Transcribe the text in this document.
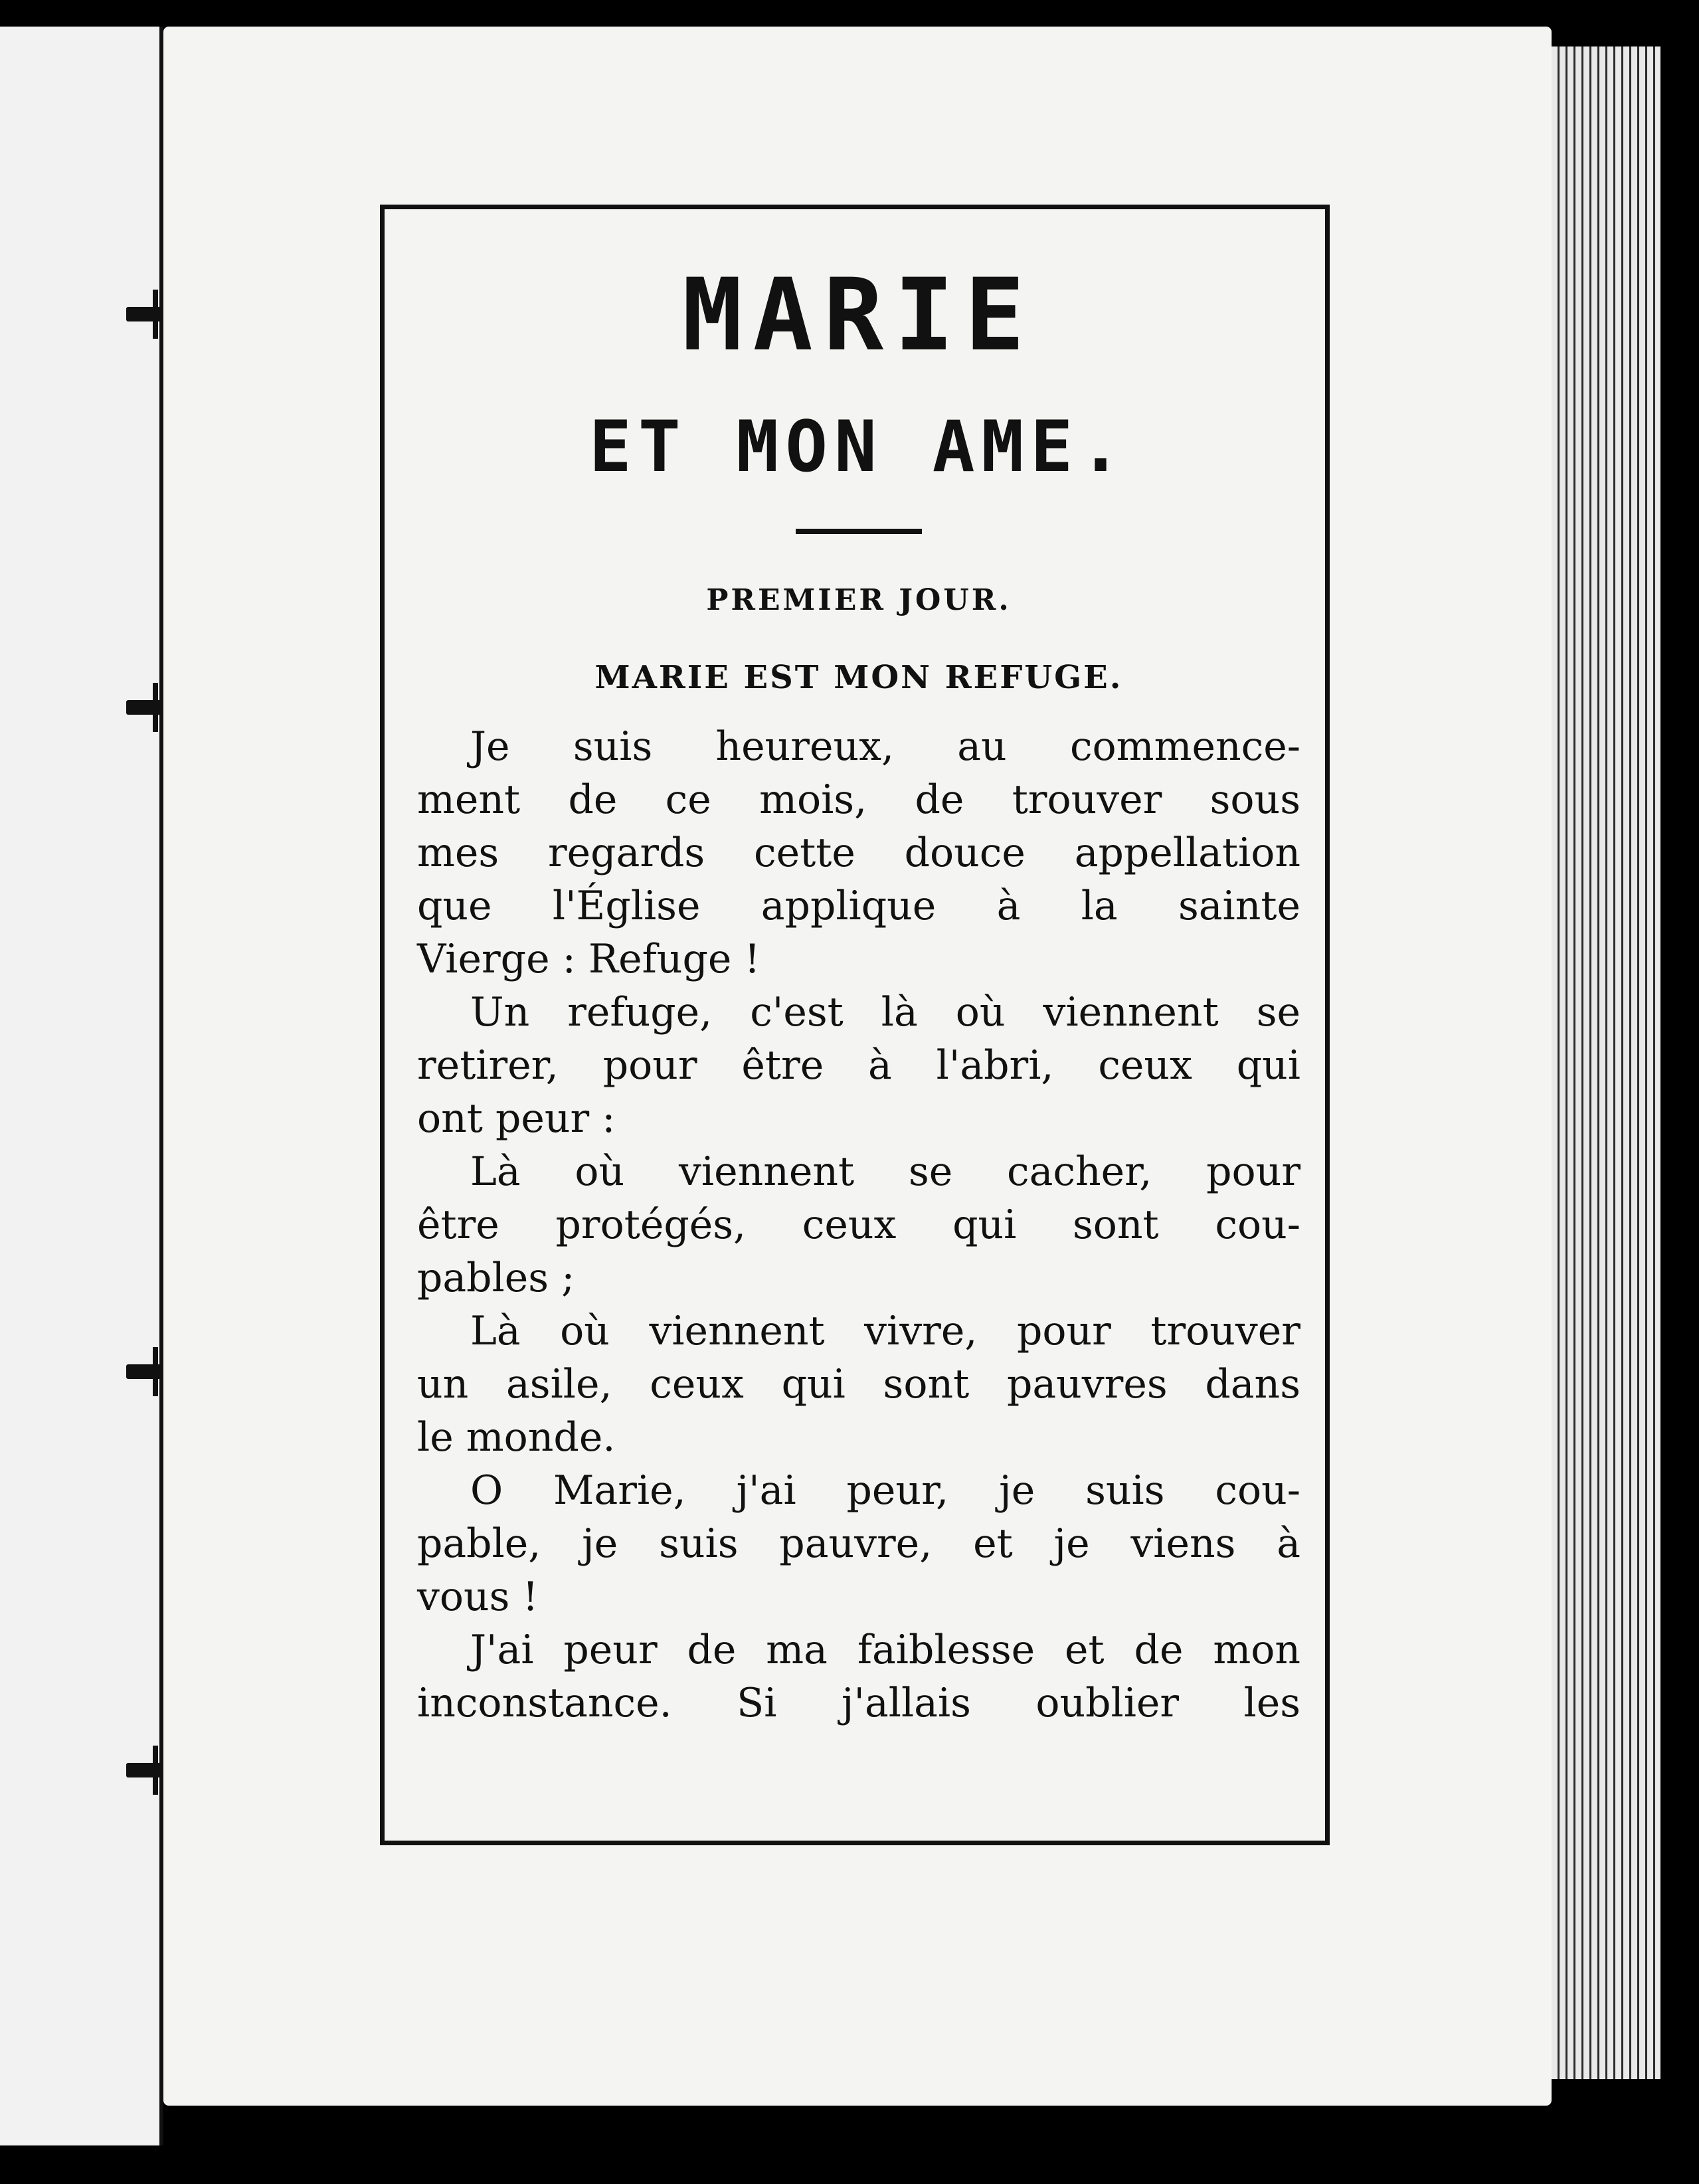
MARIE
ET MON AME.
PREMIER JOUR.
MARIE EST MON REFUGE.
Je suis heureux, au commence-
ment de ce mois, de trouver sous
mes regards cette douce appellation
que l'Église applique à la sainte
Vierge : Refuge !
Un refuge, c'est là où viennent se
retirer, pour être à l'abri, ceux qui
ont peur :
Là où viennent se cacher, pour
être protégés, ceux qui sont cou-
pables ;
Là où viennent vivre, pour trouver
un asile, ceux qui sont pauvres dans
le monde.
O Marie, j'ai peur, je suis cou-
pable, je suis pauvre, et je viens à
vous !
J'ai peur de ma faiblesse et de mon
inconstance. Si j'allais oublier les
